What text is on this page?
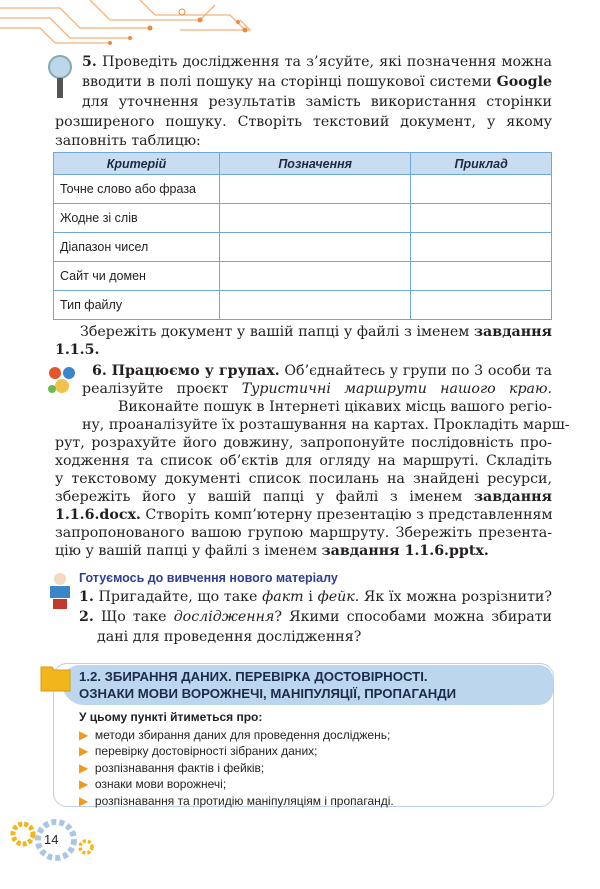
5. Проведіть дослідження та з’ясуйте, які позначення можна
вводити в полі пошуку на сторінці пошукової системи Google
для уточнення результатів замість використання сторінки
розширеного пошуку. Створіть текстовий документ, у якому
заповніть таблицю:
Критерій	Позначення	Приклад
Точне слово або фраза		
Жодне зі слів		
Діапазон чисел		
Сайт чи домен		
Тип файлу		
Збережіть документ у вашій папці у файлі з іменем завдання
1.1.5.
6. Працюємо у групах. Об’єднайтесь у групи по 3 особи та
реалізуйте проєкт Туристичні маршрути нашого краю.
Виконайте пошук в Інтернеті цікавих місць вашого регіо-
ну, проаналізуйте їх розташування на картах. Прокладіть марш-
рут, розрахуйте його довжину, запропонуйте послідовність про-
ходження та список об’єктів для огляду на маршруті. Складіть
у текстовому документі список посилань на знайдені ресурси,
збережіть його у вашій папці у файлі з іменем завдання
1.1.6.docx. Створіть комп’ютерну презентацію з представленням
запропонованого вашою групою маршруту. Збережіть презента-
цію у вашій папці у файлі з іменем завдання 1.1.6.pptx.
Готуємось до вивчення нового матеріалу
1. Пригадайте, що таке факт і фейк. Як їх можна розрізнити?
2. Що таке дослідження? Якими способами можна збирати
дані для проведення дослідження?
1.2. ЗБИРАННЯ ДАНИХ. ПЕРЕВІРКА ДОСТОВІРНОСТІ.
ОЗНАКИ МОВИ ВОРОЖНЕЧІ, МАНІПУЛЯЦІЇ, ПРОПАГАНДИ
У цьому пункті йтиметься про:
▶ методи збирання даних для проведення досліджень;
▶ перевірку достовірності зібраних даних;
▶ розпізнавання фактів і фейків;
▶ ознаки мови ворожнечі;
▶ розпізнавання та протидію маніпуляціям і пропаганді.
14
